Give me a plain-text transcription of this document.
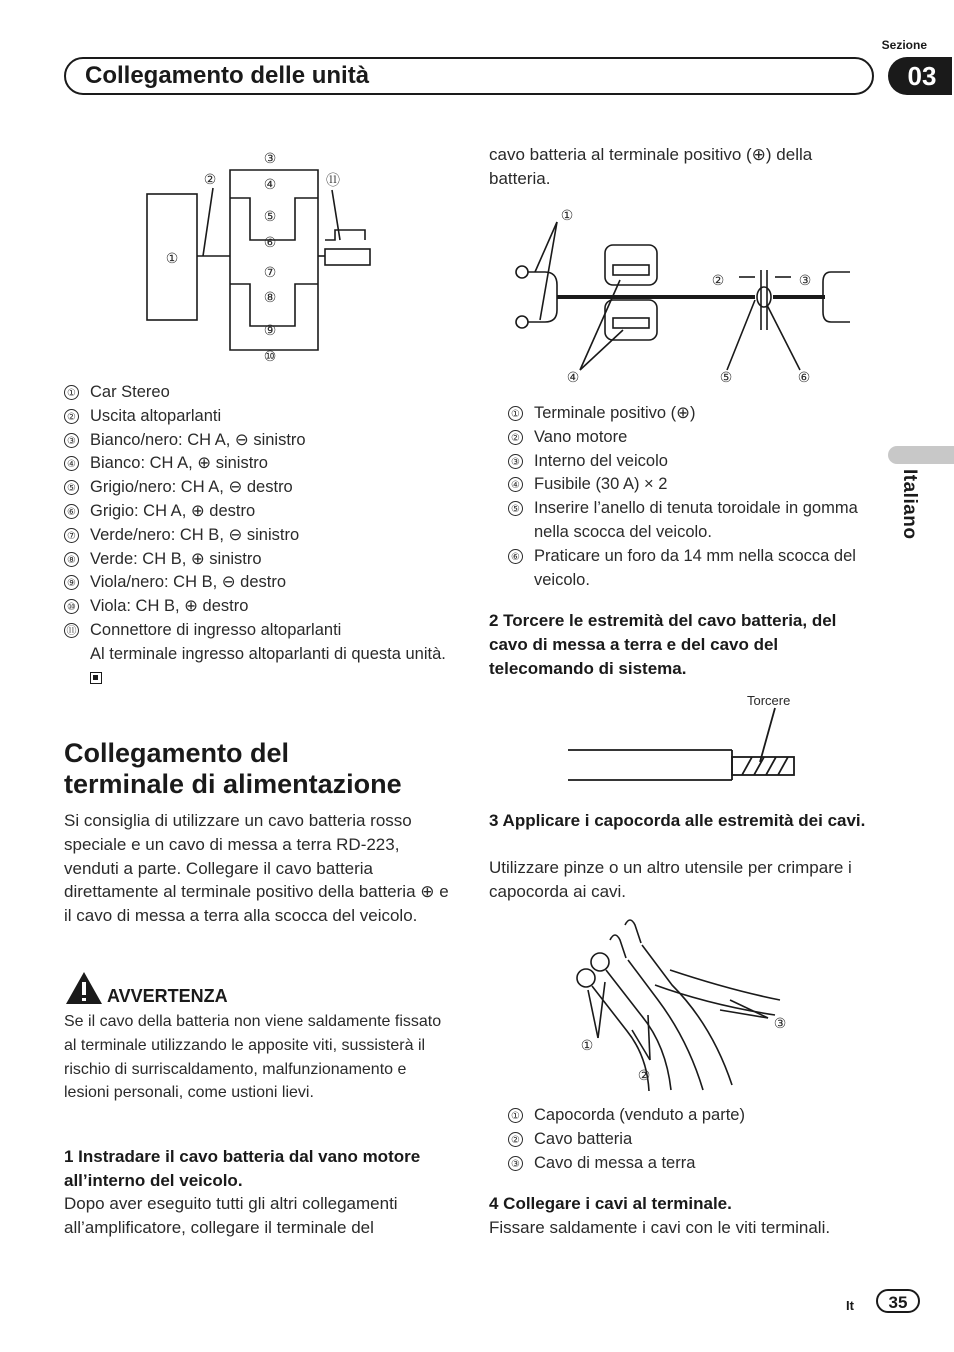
Sezione
Collegamento delle unità	03
Italiano
①
②
③
④
⑤
⑥
⑦
⑧
⑨
⑩
⑪
① Car Stereo
② Uscita altoparlanti
③ Bianco/nero: CH A, ⊖ sinistro
④ Bianco: CH A, ⊕ sinistro
⑤ Grigio/nero: CH A, ⊖ destro
⑥ Grigio: CH A, ⊕ destro
⑦ Verde/nero: CH B, ⊖ sinistro
⑧ Verde: CH B, ⊕ sinistro
⑨ Viola/nero: CH B, ⊖ destro
⑩ Viola: CH B, ⊕ destro
⑪ Connettore di ingresso altoparlanti
Al terminale ingresso altoparlanti di questa unità.
Collegamento del
terminale di alimentazione
Si consiglia di utilizzare un cavo batteria rosso speciale e un cavo di messa a terra RD-223, venduti a parte. Collegare il cavo batteria direttamente al terminale positivo della batteria ⊕ e il cavo di messa a terra alla scocca del veicolo.
AVVERTENZA
Se il cavo della batteria non viene saldamente fissato al terminale utilizzando le apposite viti, sussisterà il rischio di surriscaldamento, malfunzionamento e lesioni personali, come ustioni lievi.
1 Instradare il cavo batteria dal vano motore all’interno del veicolo.
Dopo aver eseguito tutti gli altri collegamenti all’amplificatore, collegare il terminale del
cavo batteria al terminale positivo (⊕) della batteria.
①
②	③
④	⑤	⑥
① Terminale positivo (⊕)
② Vano motore
③ Interno del veicolo
④ Fusibile (30 A) × 2
⑤ Inserire l’anello di tenuta toroidale in gomma nella scocca del veicolo.
⑥ Praticare un foro da 14 mm nella scocca del veicolo.
2 Torcere le estremità del cavo batteria, del cavo di messa a terra e del cavo del telecomando di sistema.
Torcere
3 Applicare i capocorda alle estremità dei cavi.
Utilizzare pinze o un altro utensile per crimpare i capocorda ai cavi.
①
②
③
① Capocorda (venduto a parte)
② Cavo batteria
③ Cavo di messa a terra
4 Collegare i cavi al terminale.
Fissare saldamente i cavi con le viti terminali.
It	35
